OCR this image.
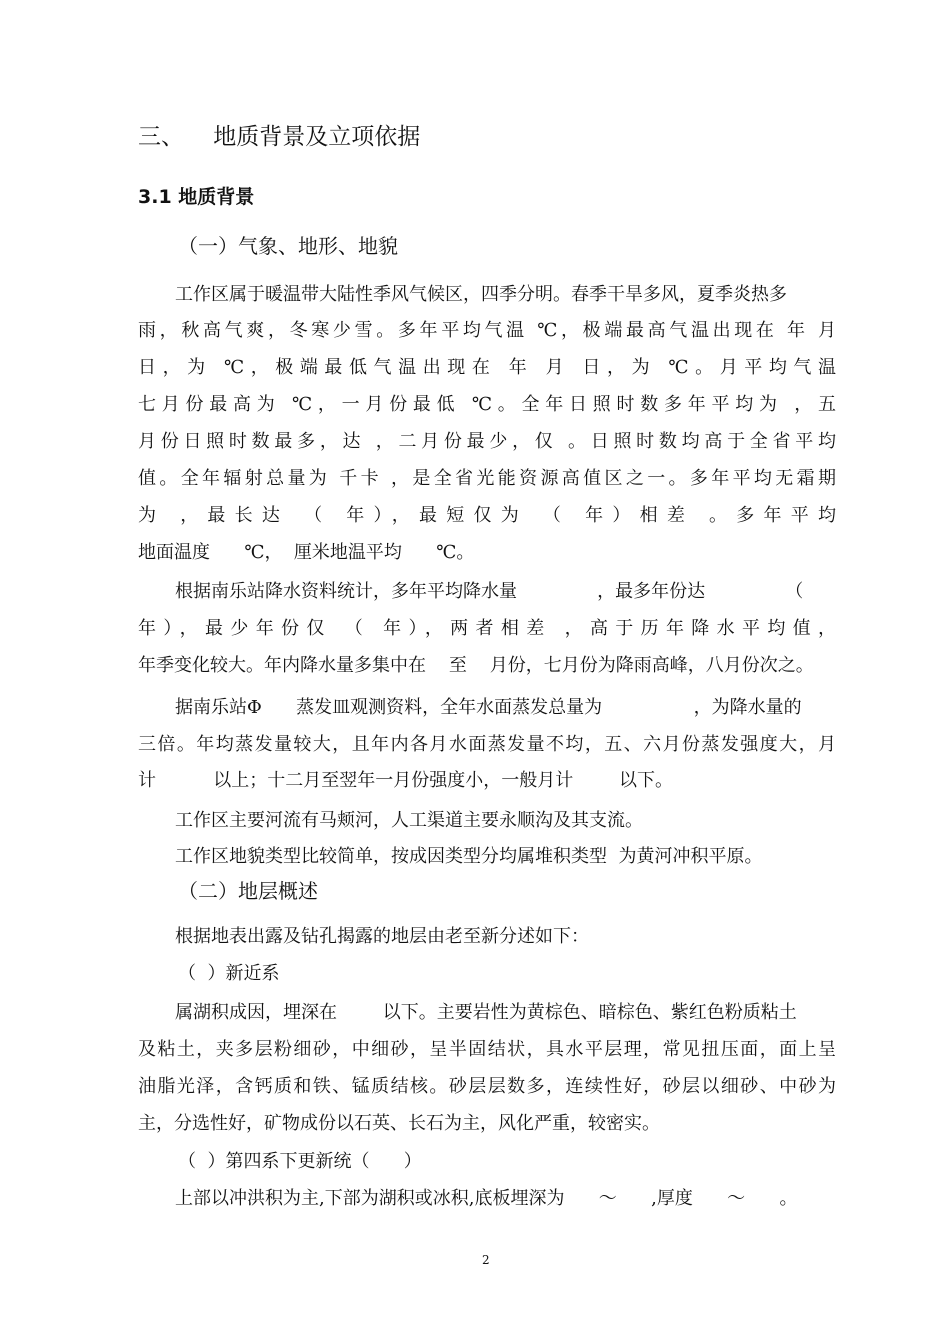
三、    地质背景及立项依据
3.1 地质背景
（一）气象、地形、地貌
工作区属于暖温带大陆性季风气候区，四季分明。春季干旱多风，夏季炎热多
雨，秋高气爽，冬寒少雪。多年平均气温 ℃，极端最高气温出现在 年 月
日，为 ℃，极端最低气温出现在 年 月 日，为 ℃。月平均气温
七月份最高为 ℃，一月份最低 ℃。全年日照时数多年平均为 ，五
月份日照时数最多，达 ，二月份最少，仅 。日照时数均高于全省平均
值。全年辐射总量为 千卡 ，是全省光能资源高值区之一。多年平均无霜期
为 ，最长达 （ 年），最短仅为 （ 年）相差 。多年平均
地面温度      ℃，  厘米地温平均      ℃。
根据南乐站降水资料统计，多年平均降水量              ，最多年份达              （
年），最少年份仅 （ 年），两者相差 ，高于历年降水平均值，
年季变化较大。年内降水量多集中在    至    月份，七月份为降雨高峰，八月份次之。
据南乐站Φ      蒸发皿观测资料，全年水面蒸发总量为                ，为降水量的
三倍。年均蒸发量较大，且年内各月水面蒸发量不均，五、六月份蒸发强度大，月
计          以上；十二月至翌年一月份强度小，一般月计        以下。
工作区主要河流有马颊河，人工渠道主要永顺沟及其支流。
工作区地貌类型比较简单，按成因类型分均属堆积类型  为黄河冲积平原。
（二）地层概述
根据地表出露及钻孔揭露的地层由老至新分述如下：
（  ）新近系
属湖积成因，埋深在        以下。主要岩性为黄棕色、暗棕色、紫红色粉质粘土
及粘土，夹多层粉细砂，中细砂，呈半固结状，具水平层理，常见扭压面，面上呈
油脂光泽，含钙质和铁、锰质结核。砂层层数多，连续性好，砂层以细砂、中砂为
主，分选性好，矿物成份以石英、长石为主，风化严重，较密实。
（  ）第四系下更新统（      ）
上部以冲洪积为主,下部为湖积或冰积,底板埋深为      ～      ,厚度      ～      。
2
